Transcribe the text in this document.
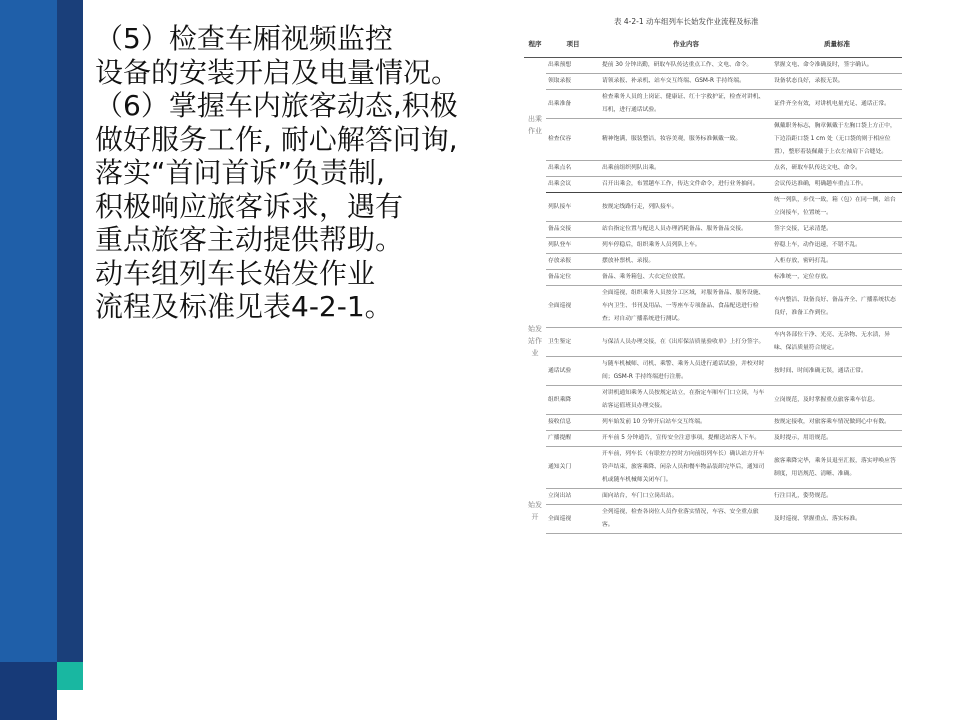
（5）检查车厢视频监控
设备的安装开启及电量情况。
（6）掌握车内旅客动态,积极
做好服务工作, 耐心解答问询,
落实“首问首诉”负责制,
积极响应旅客诉求，遇有
重点旅客主动提供帮助。
动车组列车长始发作业
流程及标准见表4-2-1。

表 4-2-1 动车组列车长始发作业流程及标准
程序	项目	作业内容	质量标准
出乘作业	出乘预想	提前 30 分钟出勤，研取车队传达重点工作、文电、命令。	掌握文电、命令准确及时，签字确认。
	领取录报	请领录报、补录机、站车交互终端、GSM-R 手持终端。	设备状态良好，录报无误。
	出乘准备	检查乘务人员的上岗证、健康证、红十字救护证，检查对讲机、耳机，进行通话试验。	证件齐全有效，对讲机电量充足、通话正常。
	检查仪容	精神饱满，服装整洁，妆容美观，服务标准佩戴一致。	佩戴职务标志，胸章佩戴于左胸口袋上方正中，下边沿距口袋 1 cm 处（无口袋的则于相应位置），整形着装佩戴于上衣左袖肩下合缝处。
	出乘点名	出乘前组织列队出乘。	点名，研取车队传达文电、命令。
	出乘会议	召开出乘会，布置趟车工作，传达文件命令，进行业务抽问。	会议传达准确，明确趟车重点工作。
始发站作业	列队接车	按规定线路行走，列队接车。	统一列队，步伐一致，箱（包）在同一侧，站台立岗接车，位置统一。
	备品交接	站台指定位置与配送人员办理消耗备品、服务备品交接。	签字交接，记录清楚。
	列队登车	列车停稳后，组织乘务人员列队上车。	停稳上车，动作迅速，不错不乱。
	存放录报	摆放补票机、录报。	入柜存放，密码打乱。
	备品定位	备品、乘务箱包、大衣定位放置。	标准统一，定位存放。
	全面巡视	全面巡视，组织乘务人员按分工区域，对服务备品、服务设施、车内卫生、书刊及用品、一等座车专项备品、食品配送进行检查；对自动广播系统进行测试。	车内整洁、设备良好、备品齐全、广播系统状态良好，准备工作到位。
	卫生鉴定	与保洁人员办理交接，在《出库保洁质量验收单》上打分签字。	车内各部位干净、光亮、无杂物、无水渍，异味、保洁质量符合规定。
	通话试验	与随车机械师、司机、乘警、乘务人员进行通话试验，并校对时间；GSM-R 手持终端进行注册。	按时间、时间准确无误，通话正常。
	组织乘降	对讲机通知乘务人员按规定站立，在指定车厢车门口立岗，与车站客运值班员办理交接。	立岗规范，及时掌握重点旅客乘车信息。
	接收信息	列车始发前 10 分钟开启站车交互终端。	按规定接收，对旅客乘车情况做到心中有数。
	广播提醒	开车前 5 分钟通告，宣传安全注意事项，提醒送站客人下车。	及时提示，用语规范。
	通知关门	开车前，列车长（有联控方控时方向前组列车长）确认站方开车铃声结束，旅客乘降、闲杂人员和餐车物品装卸完毕后，通知司机或随车机械师关闭车门。	旅客乘降完毕，乘务员退至汇报，落实呼唤应答制度，用语规范、清晰、准确。
始发开	立岗出站	面向站台，车门口立岗出站。	行注目礼，姿势规范。
	全面巡视	全列巡视，检查各岗位人员作业落实情况，车容、安全重点旅客。	及时巡视、掌握重点、落实标准。
